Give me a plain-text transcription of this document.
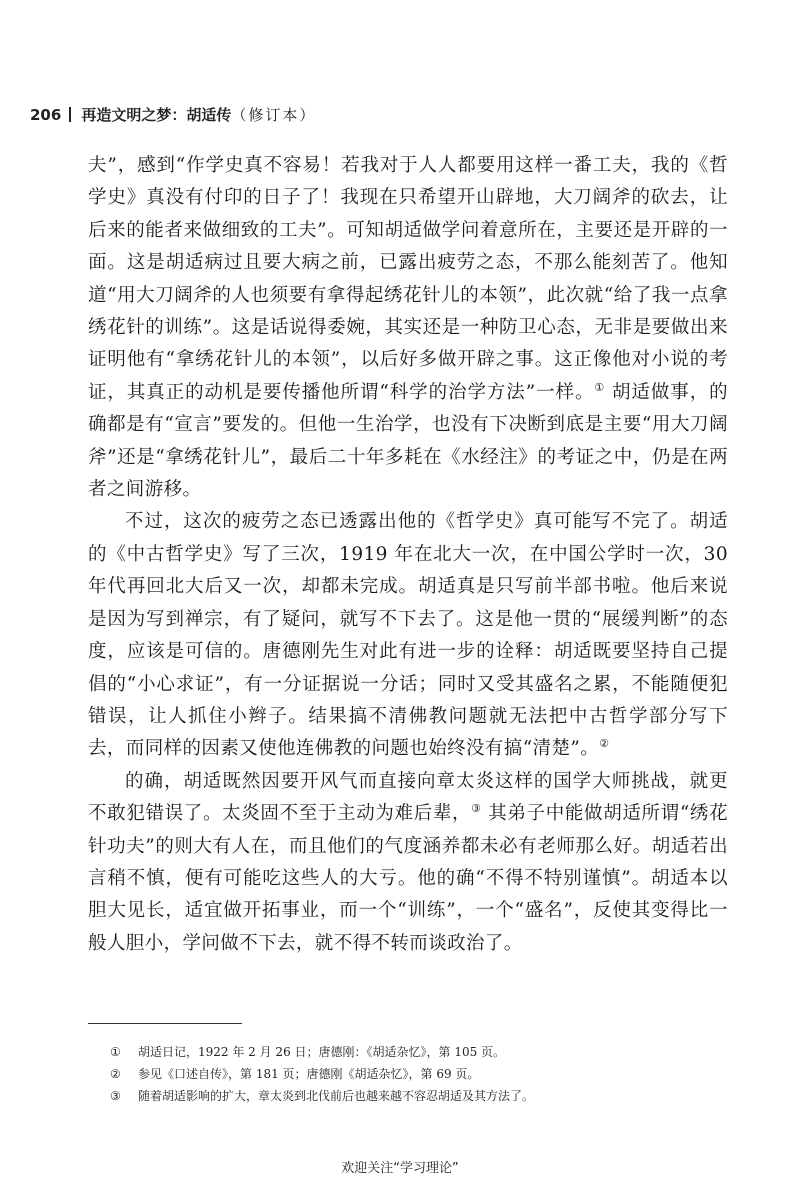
206 再造文明之梦：胡适传（修订本）

夫”，感到“作学史真不容易！若我对于人人都要用这样一番工夫，我的《哲学史》真没有付印的日子了！我现在只希望开山辟地，大刀阔斧的砍去，让后来的能者来做细致的工夫”。可知胡适做学问着意所在，主要还是开辟的一面。这是胡适病过且要大病之前，已露出疲劳之态，不那么能刻苦了。他知道“用大刀阔斧的人也须要有拿得起绣花针儿的本领”，此次就“给了我一点拿绣花针的训练”。这是话说得委婉，其实还是一种防卫心态，无非是要做出来证明他有“拿绣花针儿的本领”，以后好多做开辟之事。这正像他对小说的考证，其真正的动机是要传播他所谓“科学的治学方法”一样。① 胡适做事，的确都是有“宣言”要发的。但他一生治学，也没有下决断到底是主要“用大刀阔斧”还是“拿绣花针儿”，最后二十年多耗在《水经注》的考证之中，仍是在两者之间游移。

不过，这次的疲劳之态已透露出他的《哲学史》真可能写不完了。胡适的《中古哲学史》写了三次，1919 年在北大一次，在中国公学时一次，30 年代再回北大后又一次，却都未完成。胡适真是只写前半部书啦。他后来说是因为写到禅宗，有了疑问，就写不下去了。这是他一贯的“展缓判断”的态度，应该是可信的。唐德刚先生对此有进一步的诠释：胡适既要坚持自己提倡的“小心求证”，有一分证据说一分话；同时又受其盛名之累，不能随便犯错误，让人抓住小辫子。结果搞不清佛教问题就无法把中古哲学部分写下去，而同样的因素又使他连佛教的问题也始终没有搞“清楚”。②

的确，胡适既然因要开风气而直接向章太炎这样的国学大师挑战，就更不敢犯错误了。太炎固不至于主动为难后辈，③ 其弟子中能做胡适所谓“绣花针功夫”的则大有人在，而且他们的气度涵养都未必有老师那么好。胡适若出言稍不慎，便有可能吃这些人的大亏。他的确“不得不特别谨慎”。胡适本以胆大见长，适宜做开拓事业，而一个“训练”，一个“盛名”，反使其变得比一般人胆小，学问做不下去，就不得不转而谈政治了。

①	胡适日记，1922 年 2 月 26 日；唐德刚：《胡适杂忆》，第 105 页。
②	参见《口述自传》，第 181 页；唐德刚《胡适杂忆》，第 69 页。
③	随着胡适影响的扩大，章太炎到北伐前后也越来越不容忍胡适及其方法了。
欢迎关注“学习理论”
